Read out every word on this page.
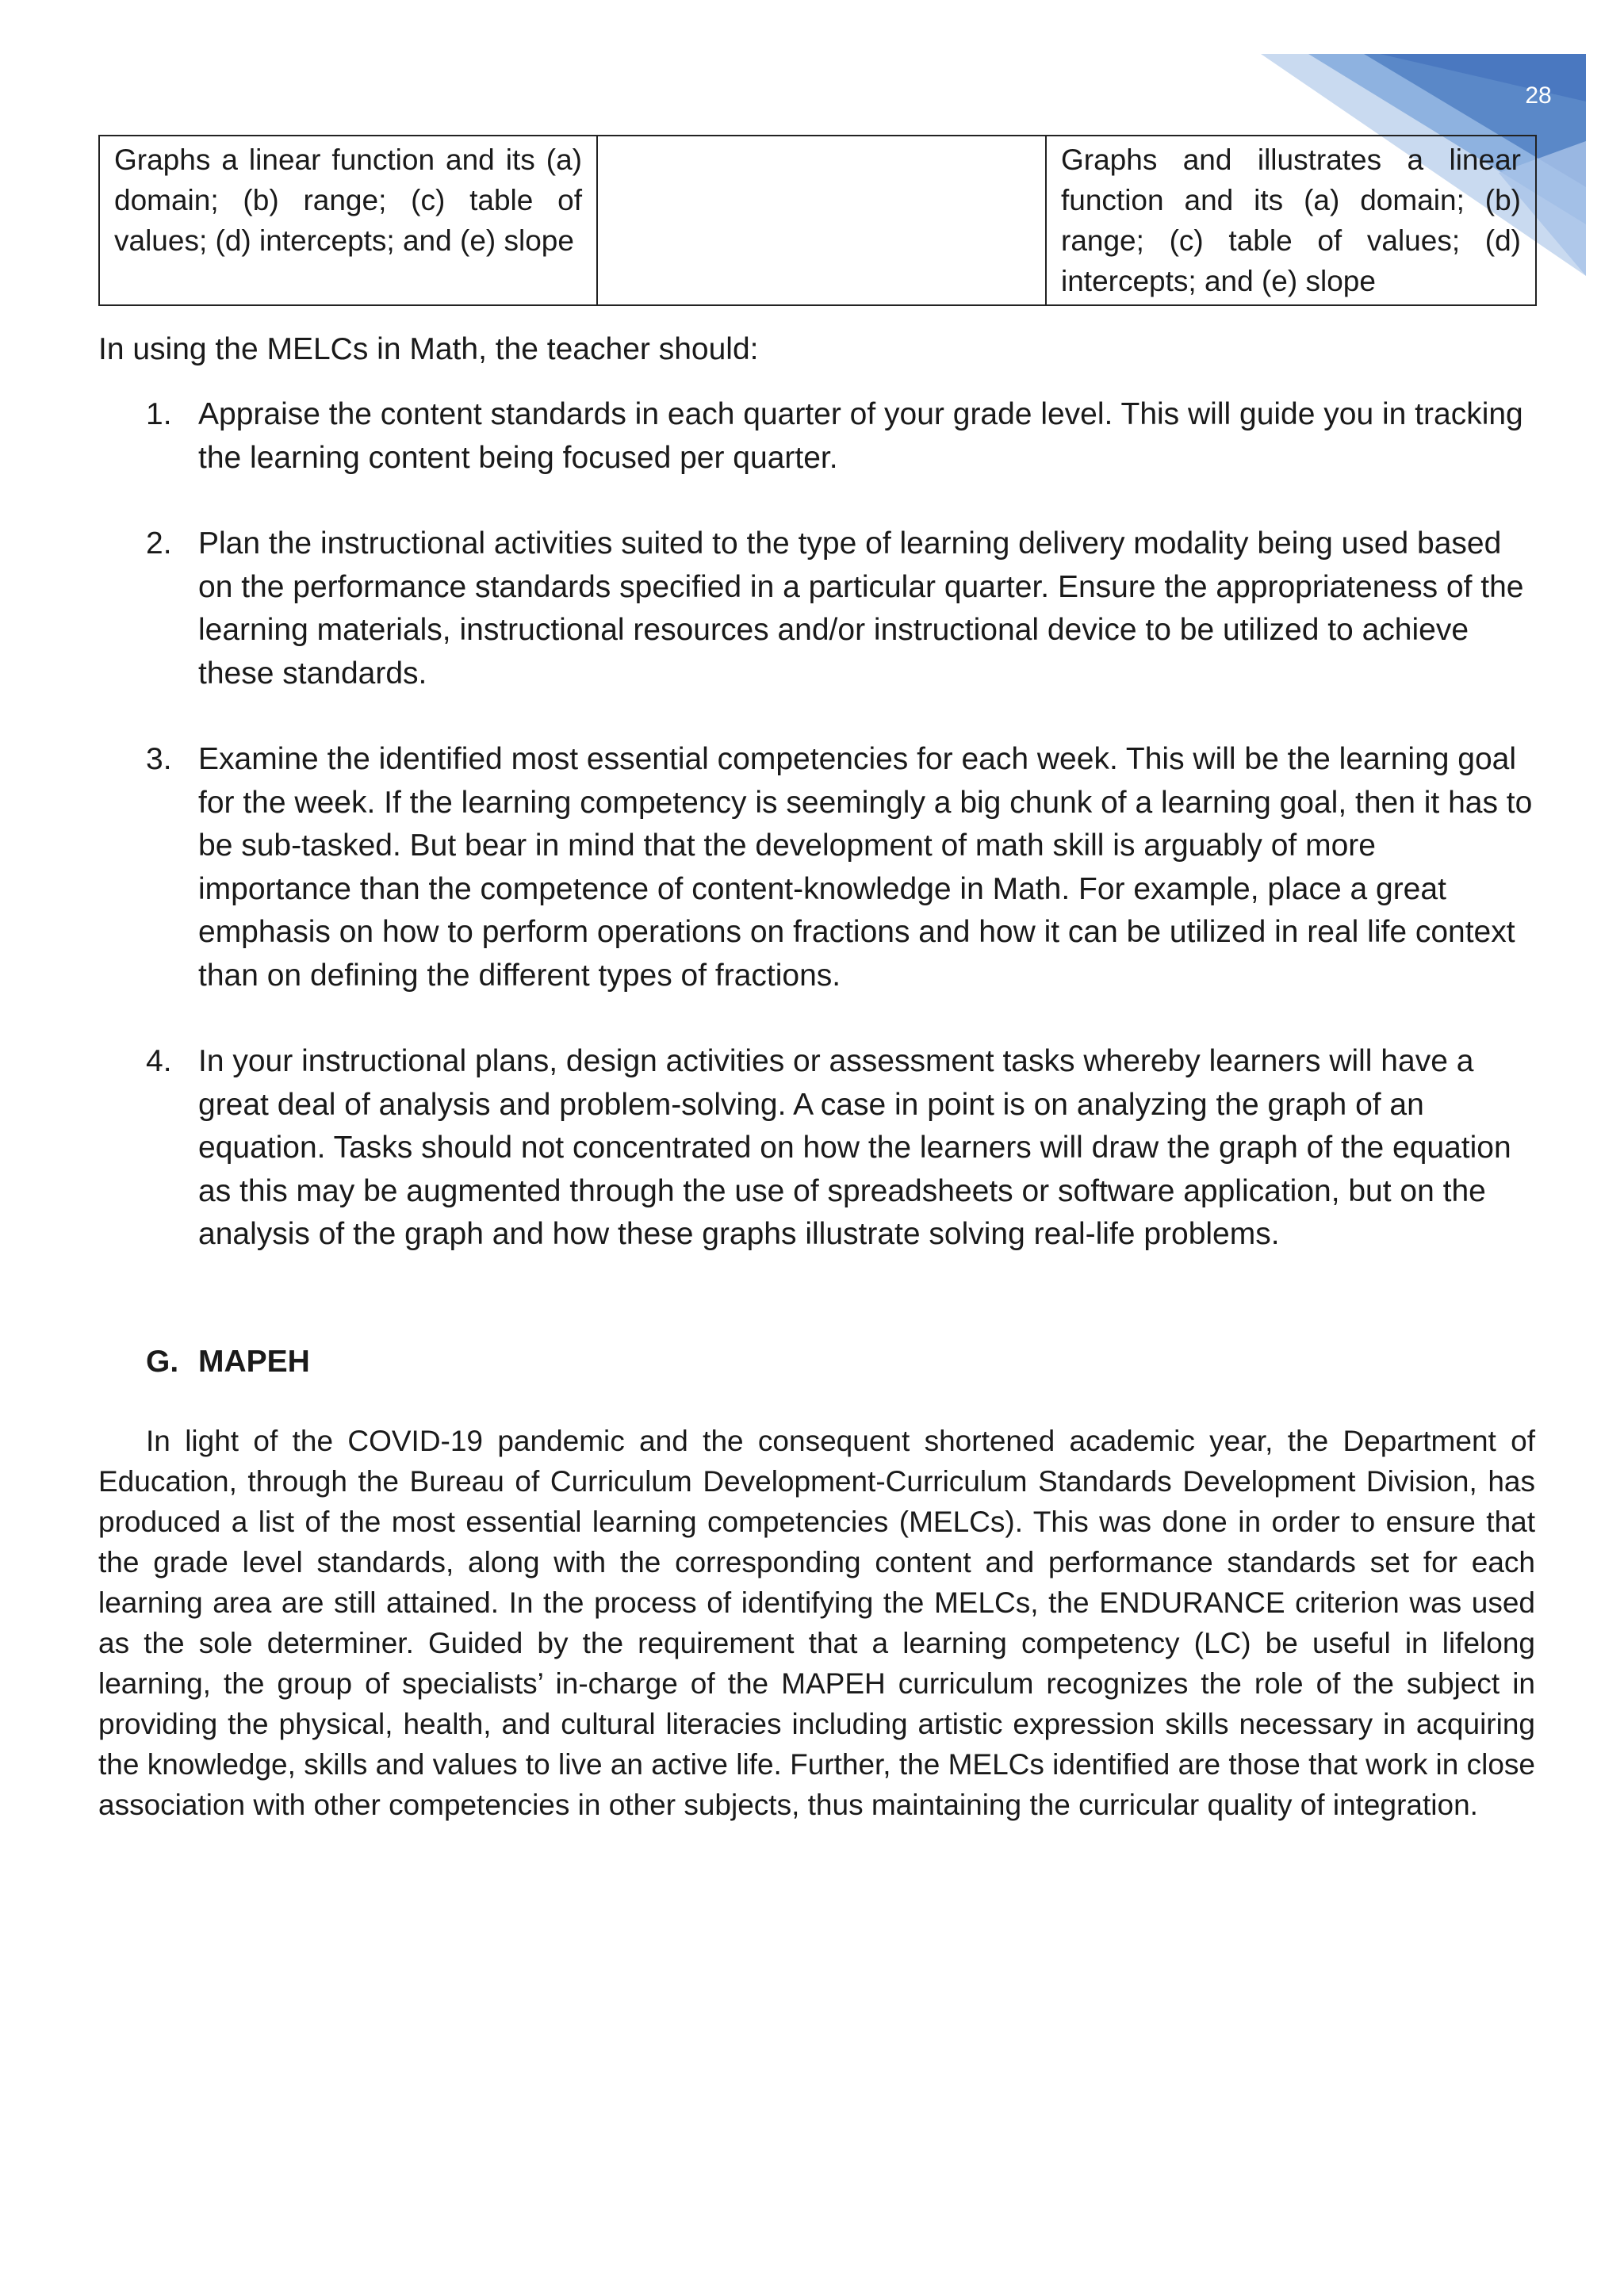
28
Graphs a linear function and its (a) domain; (b) range; (c) table of values; (d) intercepts; and (e) slope		Graphs and illustrates a linear function and its (a) domain; (b) range; (c) table of values; (d) intercepts; and (e) slope

In using the MELCs in Math, the teacher should:

1. Appraise the content standards in each quarter of your grade level. This will guide you in tracking the learning content being focused per quarter.
2. Plan the instructional activities suited to the type of learning delivery modality being used based on the performance standards specified in a particular quarter. Ensure the appropriateness of the learning materials, instructional resources and/or instructional device to be utilized to achieve these standards.
3. Examine the identified most essential competencies for each week. This will be the learning goal for the week. If the learning competency is seemingly a big chunk of a learning goal, then it has to be sub-tasked. But bear in mind that the development of math skill is arguably of more importance than the competence of content-knowledge in Math. For example, place a great emphasis on how to perform operations on fractions and how it can be utilized in real life context than on defining the different types of fractions.
4. In your instructional plans, design activities or assessment tasks whereby learners will have a great deal of analysis and problem-solving. A case in point is on analyzing the graph of an equation. Tasks should not concentrated on how the learners will draw the graph of the equation as this may be augmented through the use of spreadsheets or software application, but on the analysis of the graph and how these graphs illustrate solving real-life problems.
G. MAPEH

In light of the COVID-19 pandemic and the consequent shortened academic year, the Department of Education, through the Bureau of Curriculum Development-Curriculum Standards Development Division, has produced a list of the most essential learning competencies (MELCs). This was done in order to ensure that the grade level standards, along with the corresponding content and performance standards set for each learning area are still attained. In the process of identifying the MELCs, the ENDURANCE criterion was used as the sole determiner. Guided by the requirement that a learning competency (LC) be useful in lifelong learning, the group of specialists’ in-charge of the MAPEH curriculum recognizes the role of the subject in providing the physical, health, and cultural literacies including artistic expression skills necessary in acquiring the knowledge, skills and values to live an active life. Further, the MELCs identified are those that work in close association with other competencies in other subjects, thus maintaining the curricular quality of integration.
